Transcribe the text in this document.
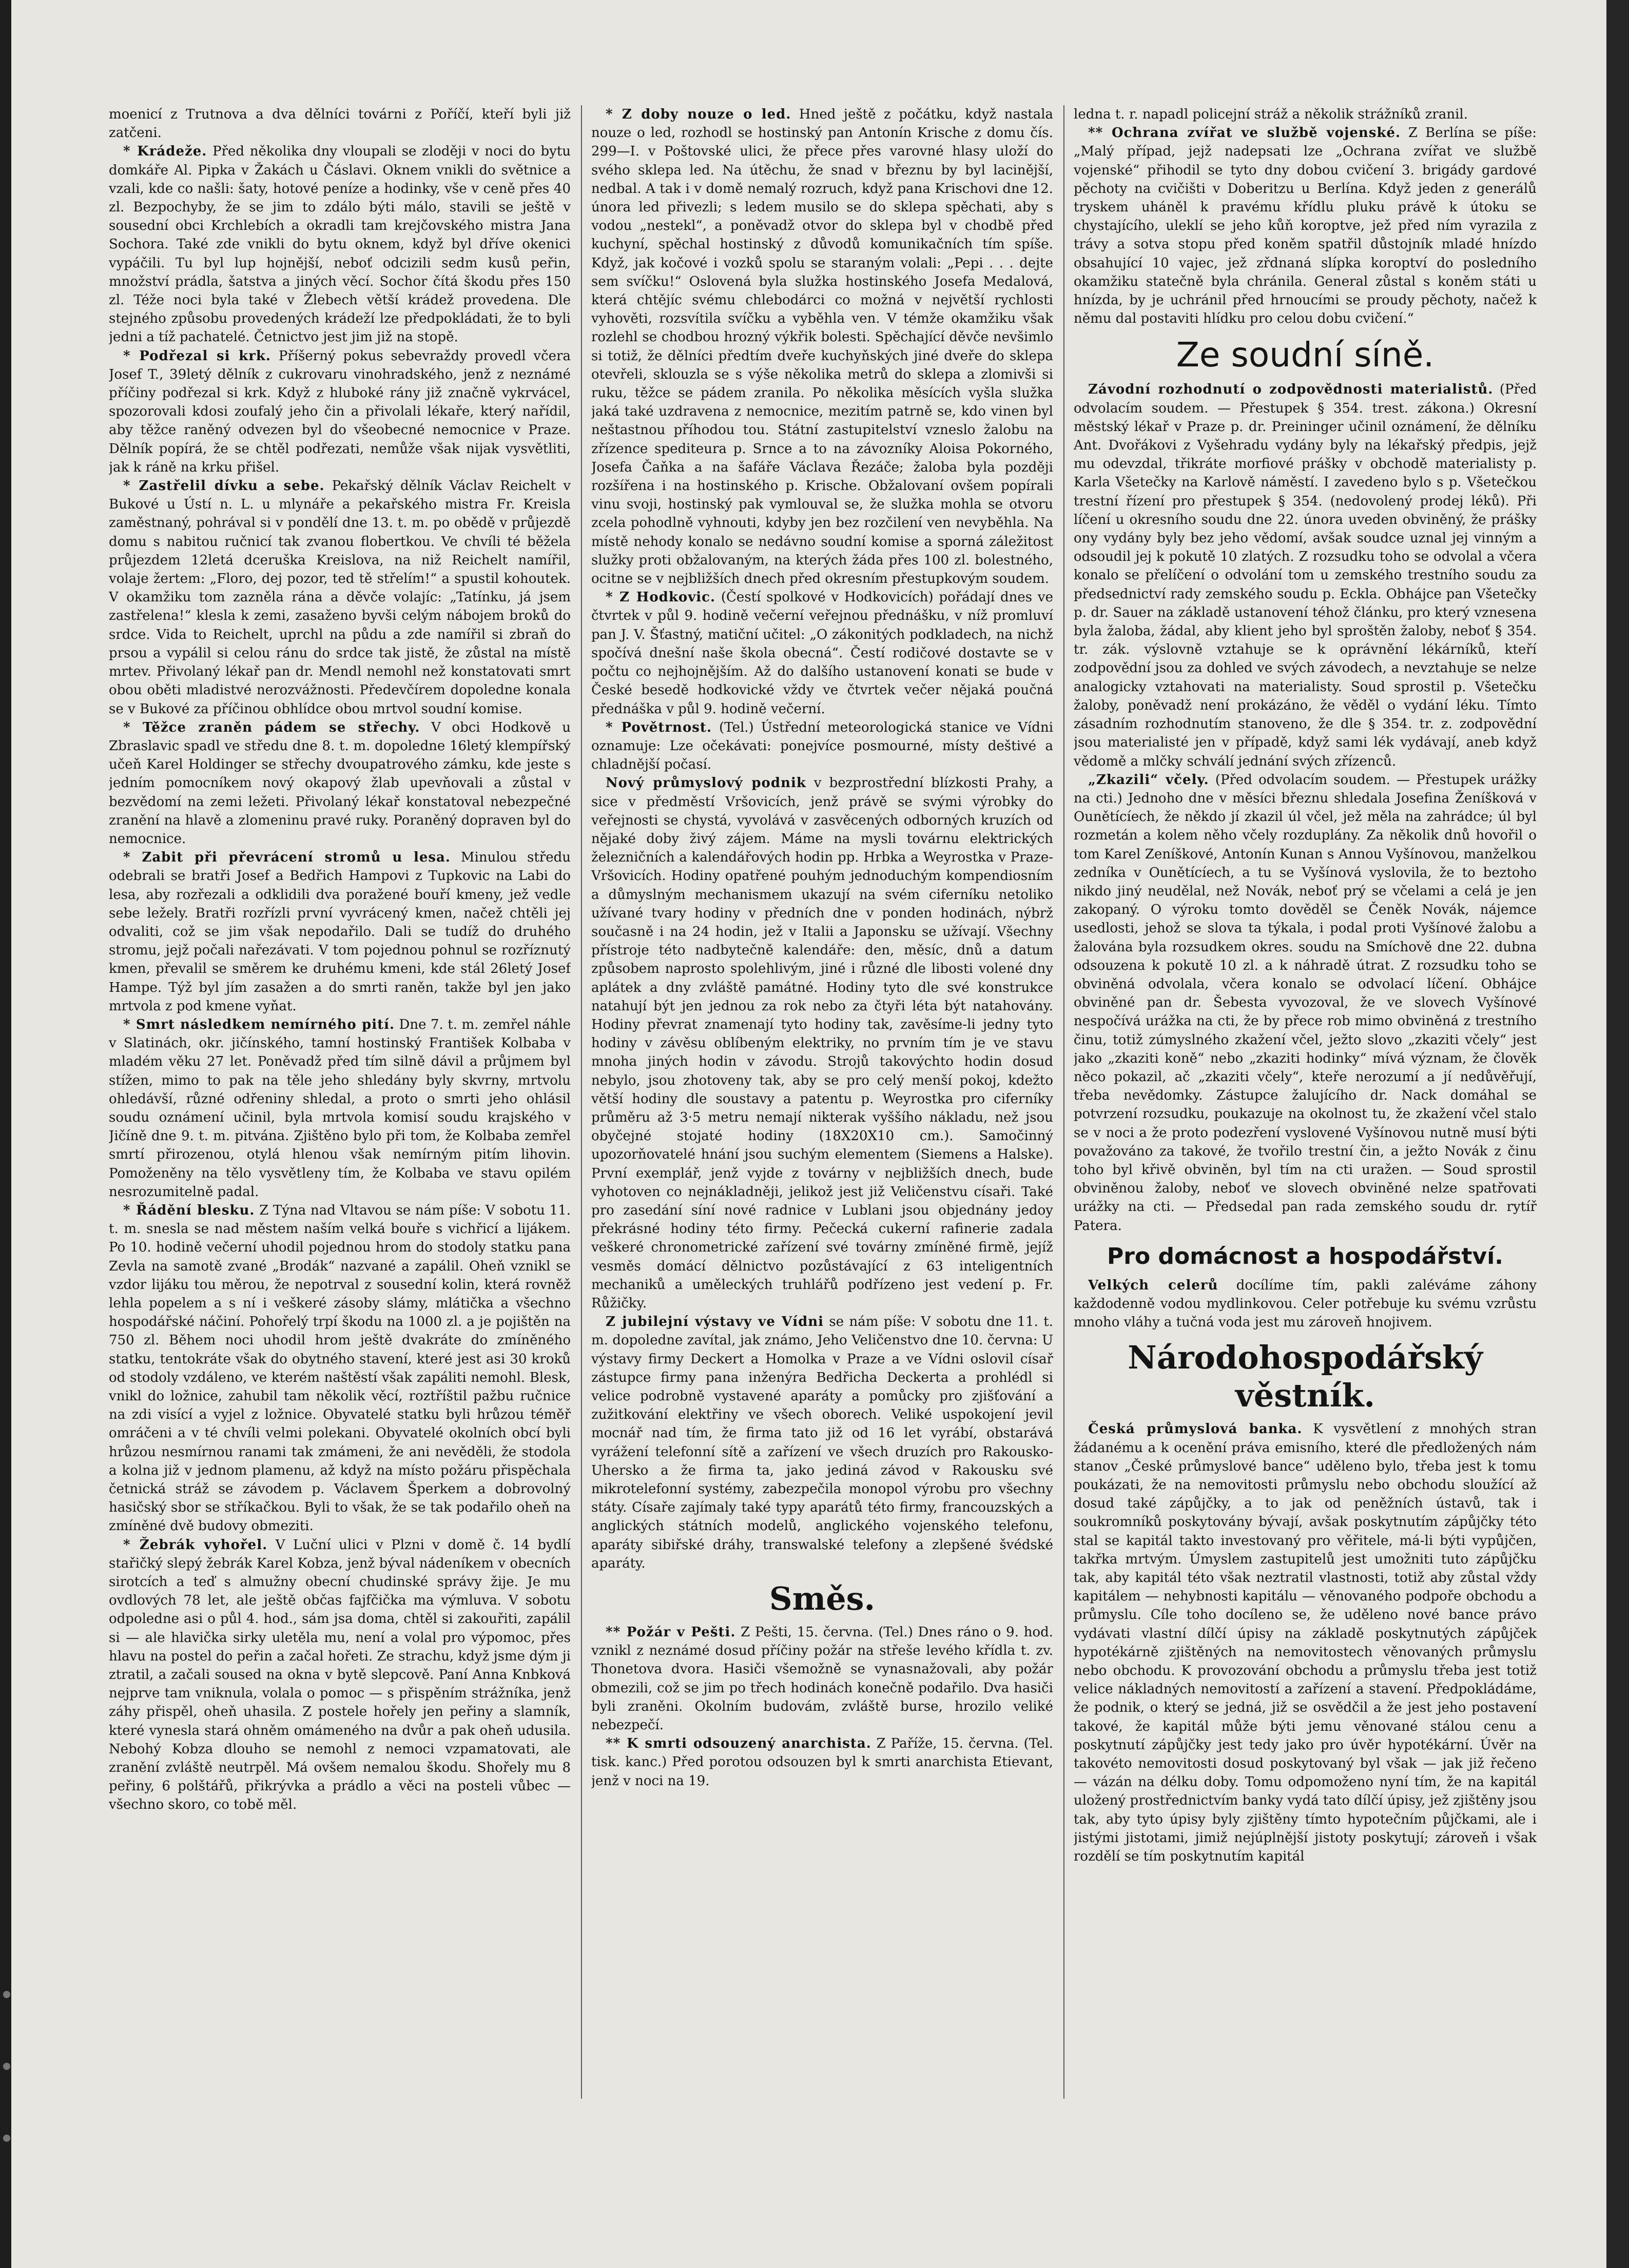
moenicí z Trutnova a dva dělníci továrni z Poříčí, kteří byli již zatčeni.

* Krádeže. Před několika dny vloupali se zloději v noci do bytu domkáře Al. Pipka v Žakách u Čáslavi. Oknem vnikli do světnice a vzali, kde co našli: šaty, hotové peníze a hodinky, vše v ceně přes 40 zl. Bezpochyby, že se jim to zdálo býti málo, stavili se ještě v sousední obci Krchlebích a okradli tam krejčovského mistra Jana Sochora. Také zde vnikli do bytu oknem, když byl dříve okenici vypáčili. Tu byl lup hojnější, neboť odcizili sedm kusů peřin, množství prádla, šatstva a jiných věcí. Sochor čítá škodu přes 150 zl. Téže noci byla také v Žlebech větší krádež provedena. Dle stejného způsobu provedených krádeží lze předpokládati, že to byli jedni a tíž pachatelé. Četnictvo jest jim již na stopě.

* Podřezal si krk. Příšerný pokus sebevraždy provedl včera Josef T., 39letý dělník z cukrovaru vinohradského, jenž z neznámé příčiny podřezal si krk. Když z hluboké rány již značně vykrvácel, spozorovali kdosi zoufalý jeho čin a přivolali lékaře, který nařídil, aby těžce raněný odvezen byl do všeobecné nemocnice v Praze. Dělník popírá, že se chtěl podřezati, nemůže však nijak vysvětliti, jak k ráně na krku přišel.

* Zastřelil dívku a sebe. Pekařský dělník Václav Reichelt v Bukové u Ústí n. L. u mlynáře a pekařského mistra Fr. Kreisla zaměstnaný, pohrával si v pondělí dne 13. t. m. po obědě v průjezdě domu s nabitou ručnicí tak zvanou flobertkou. Ve chvíli té běžela průjezdem 12letá dceruška Kreislova, na niž Reichelt namířil, volaje žertem: „Floro, dej pozor, ted tě střelím!“ a spustil kohoutek. V okamžiku tom zazněla rána a děvče volajíc: „Tatínku, já jsem zastřelena!“ klesla k zemi, zasaženo byvši celým nábojem broků do srdce. Vida to Reichelt, uprchl na půdu a zde namířil si zbraň do prsou a vypálil si celou ránu do srdce tak jistě, že zůstal na místě mrtev. Přivolaný lékař pan dr. Mendl nemohl než konstatovati smrt obou oběti mladistvé nerozvážnosti. Předevčírem dopoledne konala se v Bukové za příčinou obhlídce obou mrtvol soudní komise.

* Těžce zraněn pádem se střechy. V obci Hodkově u Zbraslavic spadl ve středu dne 8. t. m. dopoledne 16letý klempířský učeň Karel Holdinger se střechy dvoupatrového zámku, kde jeste s jedním pomocníkem nový okapový žlab upevňovali a zůstal v bezvědomí na zemi ležeti. Přivolaný lékař konstatoval nebezpečné zranění na hlavě a zlomeninu pravé ruky. Poraněný dopraven byl do nemocnice.

* Zabit při převrácení stromů u lesa. Minulou středu odebrali se bratři Josef a Bedřich Hampovi z Tupkovic na Labi do lesa, aby rozřezali a odklidili dva poražené bouří kmeny, jež vedle sebe ležely. Bratři rozřízli první vyvrácený kmen, načež chtěli jej odvaliti, což se jim však nepodařilo. Dali se tudíž do druhého stromu, jejž počali nařezávati. V tom pojednou pohnul se rozříznutý kmen, převalil se směrem ke druhému kmeni, kde stál 26letý Josef Hampe. Týž byl jím zasažen a do smrti raněn, takže byl jen jako mrtvola z pod kmene vyňat.

* Smrt následkem nemírného pití. Dne 7. t. m. zemřel náhle v Slatinách, okr. jičínského, tamní hostinský František Kolbaba v mladém věku 27 let. Poněvadž před tím silně dávil a průjmem byl stížen, mimo to pak na těle jeho shledány byly skvrny, mrtvolu ohledávší, různé odřeniny shledal, a proto o smrti jeho ohlásil soudu oznámení učinil, byla mrtvola komisí soudu krajského v Jičíně dne 9. t. m. pitvána. Zjištěno bylo při tom, že Kolbaba zemřel smrtí přirozenou, otylá hlenou však nemírným pitím lihovin. Pomoženěny na tělo vysvětleny tím, že Kolbaba ve stavu opilém nesrozumitelně padal.

* Řádění blesku. Z Týna nad Vltavou se nám píše: V sobotu 11. t. m. snesla se nad městem naším velká bouře s vichřicí a lijákem. Po 10. hodině večerní uhodil pojednou hrom do stodoly statku pana Zevla na samotě zvané „Brodák“ nazvané a zapálil. Oheň vznikl se vzdor lijáku tou měrou, že nepotrval z sousední kolin, která rovněž lehla popelem a s ní i veškeré zásoby slámy, mlátička a všechno hospodářské náčiní. Pohořelý trpí škodu na 1000 zl. a je pojištěn na 750 zl. Během noci uhodil hrom ještě dvakráte do zmíněného statku, tentokráte však do obytného stavení, které jest asi 30 kroků od stodoly vzdáleno, ve kterém naštěstí však zapáliti nemohl. Blesk, vnikl do ložnice, zahubil tam několik věcí, roztříštil pažbu ručnice na zdi visící a vyjel z ložnice. Obyvatelé statku byli hrůzou téměř omráčeni a v té chvíli velmi polekani. Obyvatelé okolních obcí byli hrůzou nesmírnou ranami tak zmámeni, že ani nevěděli, že stodola a kolna již v jednom plamenu, až když na místo požáru přispěchala četnická stráž se závodem p. Václavem Šperkem a dobrovolný hasičský sbor se stříkačkou. Byli to však, že se tak podařilo oheň na zmíněné dvě budovy obmeziti.

* Žebrák vyhořel. V Luční ulici v Plzni v domě č. 14 bydlí stařičký slepý žebrák Karel Kobza, jenž býval nádeníkem v obecních sirotcích a teď s almužny obecní chudinské správy žije. Je mu ovdlových 78 let, ale ještě občas fajfčička ma výmluva. V sobotu odpoledne asi o půl 4. hod., sám jsa doma, chtěl si zakouřiti, zapálil si — ale hlavička sirky uletěla mu, není a volal pro výpomoc, přes hlavu na postel do peřin a začal hořeti. Ze strachu, když jsme dým ji ztratil, a začali soused na okna v bytě slepcově. Paní Anna Knbková nejprve tam vniknula, volala o pomoc — s přispěním strážníka, jenž záhy přispěl, oheň uhasila. Z postele hořely jen peřiny a slamník, které vynesla stará ohněm omámeného na dvůr a pak oheň udusila. Nebohý Kobza dlouho se nemohl z nemoci vzpamatovati, ale zranění zvláště neutrpěl. Má ovšem nemalou škodu. Shořely mu 8 peřiny, 6 polštářů, přikrývka a prádlo a věci na posteli vůbec — všechno skoro, co tobě měl.

* Z doby nouze o led. Hned ještě z počátku, když nastala nouze o led, rozhodl se hostinský pan Antonín Krische z domu čís. 299—I. v Poštovské ulici, že přece přes varovné hlasy uloží do svého sklepa led. Na útěchu, že snad v březnu by byl lacinější, nedbal. A tak i v domě nemalý rozruch, když pana Krischovi dne 12. února led přivezli; s ledem musilo se do sklepa spěchati, aby s vodou „nestekl“, a poněvadž otvor do sklepa byl v chodbě před kuchyní, spěchal hostinský z důvodů komunikačních tím spíše. Když, jak kočové i vozků spolu se staraným volali: „Pepi . . . dejte sem svíčku!“ Oslovená byla služka hostinského Josefa Medalová, která chtějíc svému chlebodárci co možná v největší rychlosti vyhověti, rozsvítila svíčku a vyběhla ven. V témže okamžiku však rozlehl se chodbou hrozný výkřik bolesti. Spěchající děvče nevšimlo si totiž, že dělníci předtím dveře kuchyňských jiné dveře do sklepa otevřeli, sklouzla se s výše několika metrů do sklepa a zlomivši si ruku, těžce se pádem zranila. Po několika měsících vyšla služka jaká také uzdravena z nemocnice, mezitím patrně se, kdo vinen byl neštastnou příhodou tou. Státní zastupitelství vzneslo žalobu na zřízence spediteura p. Srnce a to na závozníky Aloisa Pokorného, Josefa Čaňka a na šafáře Václava Řezáče; žaloba byla později rozšířena i na hostinského p. Krische. Obžalovaní ovšem popírali vinu svoji, hostinský pak vymlouval se, že služka mohla se otvoru zcela pohodlně vyhnouti, kdyby jen bez rozčilení ven nevyběhla. Na místě nehody konalo se nedávno soudní komise a sporná záležitost služky proti obžalovaným, na kterých žáda přes 100 zl. bolestného, ocitne se v nejbližších dnech před okresním přestupkovým soudem.

* Z Hodkovic. (Čestí spolkové v Hodkovicích) pořádají dnes ve čtvrtek v půl 9. hodině večerní veřejnou přednášku, v níž promluví pan J. V. Šťastný, matiční učitel: „O zákonitých podkladech, na nichž spočívá dnešní naše škola obecná“. Čestí rodičové dostavte se v počtu co nejhojnějším. Až do dalšího ustanovení konati se bude v České besedě hodkovické vždy ve čtvrtek večer nějaká poučná přednáška v půl 9. hodině večerní.

* Povětrnost. (Tel.) Ústřední meteorologická stanice ve Vídni oznamuje: Lze očekávati: ponejvíce posmourné, místy deštivé a chladnější počasí.

Nový průmyslový podnik v bezprostřední blízkosti Prahy, a sice v předměstí Vršovicích, jenž právě se svými výrobky do veřejnosti se chystá, vyvolává v zasvěcených odborných kruzích od nějaké doby živý zájem. Máme na mysli továrnu elektrických železničních a kalendářových hodin pp. Hrbka a Weyrostka v Praze-Vršovicích. Hodiny opatřené pouhým jednoduchým kompendiosním a důmyslným mechanismem ukazují na svém ciferníku netoliko užívané tvary hodiny v předních dne v ponden hodinách, nýbrž současně i na 24 hodin, jež v Italii a Japonsku se užívají. Všechny přístroje této nadbytečně kalendáře: den, měsíc, dnů a datum způsobem naprosto spolehlivým, jiné i různé dle libosti volené dny aplátek a dny zvláště památné. Hodiny tyto dle své konstrukce natahují být jen jednou za rok nebo za čtyři léta být natahovány. Hodiny převrat znamenají tyto hodiny tak, zavěsíme-li jedny tyto hodiny v závěsu oblíbeným elektriky, no prvním tím je ve stavu mnoha jiných hodin v závodu. Strojů takovýchto hodin dosud nebylo, jsou zhotoveny tak, aby se pro celý menší pokoj, kdežto větší hodiny dle soustavy a patentu p. Weyrostka pro ciferníky průměru až 3·5 metru nemají nikterak vyššího nákladu, než jsou obyčejné stojaté hodiny (18X20X10 cm.). Samočinný upozorňovatelé hnání jsou suchým elementem (Siemens a Halske). První exemplář, jenž vyjde z továrny v nejbližších dnech, bude vyhotoven co nejnákladněji, jelikož jest již Veličenstvu císaři. Také pro zasedání síní nové radnice v Lublani jsou objednány jedoy překrásné hodiny této firmy. Pečecká cukerní rafinerie zadala veškeré chronometrické zařízení své továrny zmíněné firmě, jejíž vesměs domácí dělnictvo pozůstávající z 63 inteligentních mechaniků a uměleckých truhlářů podřízeno jest vedení p. Fr. Růžičky.

Z jubilejní výstavy ve Vídni se nám píše: V sobotu dne 11. t. m. dopoledne zavítal, jak známo, Jeho Veličenstvo dne 10. června: U výstavy firmy Deckert a Homolka v Praze a ve Vídni oslovil císař zástupce firmy pana inženýra Bedřicha Deckerta a prohlédl si velice podrobně vystavené aparáty a pomůcky pro zjišťování a zužitkování elektřiny ve všech oborech. Veliké uspokojení jevil mocnář nad tím, že firma tato již od 16 let vyrábí, obstarává vyrážení telefonní sítě a zařízení ve všech druzích pro Rakousko-Uhersko a že firma ta, jako jediná závod v Rakousku své mikrotelefonní systémy, zabezpečila monopol výrobu pro všechny státy. Císaře zajímaly také typy aparátů této firmy, francouzských a anglických státních modelů, anglického vojenského telefonu, aparáty sibiřské dráhy, transwalské telefony a zlepšené švédské aparáty.

Směs.

** Požár v Pešti. Z Pešti, 15. června. (Tel.) Dnes ráno o 9. hod. vznikl z neznámé dosud příčiny požár na střeše levého křídla t. zv. Thonetova dvora. Hasiči všemožně se vynasnažovali, aby požár obmezili, což se jim po třech hodinách konečně podařilo. Dva hasiči byli zraněni. Okolním budovám, zvláště burse, hrozilo veliké nebezpečí.

** K smrti odsouzený anarchista. Z Paříže, 15. června. (Tel. tisk. kanc.) Před porotou odsouzen byl k smrti anarchista Etievant, jenž v noci na 19.

ledna t. r. napadl policejní stráž a několik strážníků zranil.

** Ochrana zvířat ve službě vojenské. Z Berlína se píše: „Malý případ, jejž nadepsati lze „Ochrana zvířat ve službě vojenské“ přihodil se tyto dny dobou cvičení 3. brigády gardové pěchoty na cvičišti v Doberitzu u Berlína. Když jeden z generálů tryskem uháněl k pravému křídlu pluku právě k útoku se chystajícího, uleklí se jeho kůň koroptve, jež před ním vyrazila z trávy a sotva stopu před koněm spatřil důstojník mladé hnízdo obsahující 10 vajec, jež zřdnaná slípka koroptví do posledního okamžiku statečně byla chránila. General zůstal s koněm státi u hnízda, by je uchránil před hrnoucími se proudy pěchoty, načež k němu dal postaviti hlídku pro celou dobu cvičení.“

Ze soudní síně.

Závodní rozhodnutí o zodpovědnosti materialistů. (Před odvolacím soudem. — Přestupek § 354. trest. zákona.) Okresní městský lékař v Praze p. dr. Preininger učinil oznámení, že dělníku Ant. Dvořákovi z Vyšehradu vydány byly na lékařský předpis, jejž mu odevzdal, třikráte morfiové prášky v obchodě materialisty p. Karla Všetečky na Karlově náměstí. I zavedeno bylo s p. Všetečkou trestní řízení pro přestupek § 354. (nedovolený prodej léků). Při líčení u okresního soudu dne 22. února uveden obviněný, že prášky ony vydány byly bez jeho vědomí, avšak soudce uznal jej vinným a odsoudil jej k pokutě 10 zlatých. Z rozsudku toho se odvolal a včera konalo se přelíčení o odvolání tom u zemského trestního soudu za předsednictví rady zemského soudu p. Eckla. Obhájce pan Všetečky p. dr. Sauer na základě ustanovení téhož článku, pro který vznesena byla žaloba, žádal, aby klient jeho byl sproštěn žaloby, neboť § 354. tr. zák. výslovně vztahuje se k oprávnění lékárníků, kteří zodpovědní jsou za dohled ve svých závodech, a nevztahuje se nelze analogicky vztahovati na materialisty. Soud sprostil p. Všetečku žaloby, poněvadž není prokázáno, že věděl o vydání léku. Tímto zásadním rozhodnutím stanoveno, že dle § 354. tr. z. zodpovědní jsou materialisté jen v případě, když sami lék vydávají, aneb když vědomě a mlčky schválí jednání svých zřízenců.

„Zkazili“ včely. (Před odvolacím soudem. — Přestupek urážky na cti.) Jednoho dne v měsíci březnu shledala Josefina Ženíšková v Ounětícíech, že někdo jí zkazil úl včel, jež měla na zahrádce; úl byl rozmetán a kolem něho včely rozduplány. Za několik dnů hovořil o tom Karel Zeníškové, Antonín Kunan s Annou Vyšínovou, manželkou zedníka v Ounětícíech, a tu se Vyšínová vyslovila, že to beztoho nikdo jiný neudělal, než Novák, neboť prý se včelami a celá je jen zakopaný. O výroku tomto dověděl se Čeněk Novák, nájemce usedlosti, jehož se slova ta týkala, i podal proti Vyšínové žalobu a žalována byla rozsudkem okres. soudu na Smíchově dne 22. dubna odsouzena k pokutě 10 zl. a k náhradě útrat. Z rozsudku toho se obviněná odvolala, včera konalo se odvolací líčení. Obhájce obviněné pan dr. Šebesta vyvozoval, že ve slovech Vyšínové nespočívá urážka na cti, že by přece rob mimo obviněná z trestního činu, totiž zúmyslného zkažení včel, ježto slovo „zkaziti včely“ jest jako „zkaziti koně“ nebo „zkaziti hodinky“ mívá význam, že člověk něco pokazil, ač „zkaziti včely“, kteře nerozumí a jí nedůvěřují, třeba nevědomky. Zástupce žalujícího dr. Nack domáhal se potvrzení rozsudku, poukazuje na okolnost tu, že zkažení včel stalo se v noci a že proto podezření vyslovené Vyšínovou nutně musí býti považováno za takové, že tvořilo trestní čin, a ježto Novák z činu toho byl křivě obviněn, byl tím na cti uražen. — Soud sprostil obviněnou žaloby, neboť ve slovech obviněné nelze spatřovati urážky na cti. — Předsedal pan rada zemského soudu dr. rytíř Patera.

Pro domácnost a hospodářství.

Velkých celerů docílíme tím, pakli zaléváme záhony každodenně vodou mydlinkovou. Celer potřebuje ku svému vzrůstu mnoho vláhy a tučná voda jest mu zároveň hnojivem.

Národohospodářský věstník.

Česká průmyslová banka. K vysvětlení z mnohých stran žádanému a k ocenění práva emisního, které dle předložených nám stanov „České průmyslové bance“ uděleno bylo, třeba jest k tomu poukázati, že na nemovitosti průmyslu nebo obchodu sloužící až dosud také zápůjčky, a to jak od peněžních ústavů, tak i soukromníků poskytovány bývají, avšak poskytnutím zápůjčky této stal se kapitál takto investovaný pro věřitele, má-li býti vypůjčen, takřka mrtvým. Úmyslem zastupitelů jest umožniti tuto zápůjčku tak, aby kapitál této však neztratil vlastnosti, totiž aby zůstal vždy kapitálem — nehybnosti kapitálu — věnovaného podpoře obchodu a průmyslu. Cíle toho docíleno se, že uděleno nové bance právo vydávati vlastní dílčí úpisy na základě poskytnutých zápůjček hypotékárně zjištěných na nemovitostech věnovaných průmyslu nebo obchodu. K provozování obchodu a průmyslu třeba jest totiž velice nákladných nemovitostí a zařízení a stavení. Předpokládáme, že podnik, o který se jedná, již se osvědčil a že jest jeho postavení takové, že kapitál může býti jemu věnované stálou cenu a poskytnutí zápůjčky jest tedy jako pro úvěr hypotékární. Úvěr na takovéto nemovitosti dosud poskytovaný byl však — jak již řečeno — vázán na délku doby. Tomu odpomoženo nyní tím, že na kapitál uložený prostřednictvím banky vydá tato dílčí úpisy, jež zjištěny jsou tak, aby tyto úpisy byly zjištěny tímto hypotečním půjčkami, ale i jistými jistotami, jimiž nejúplnější jistoty poskytují; zároveň i však rozdělí se tím poskytnutím kapitál
